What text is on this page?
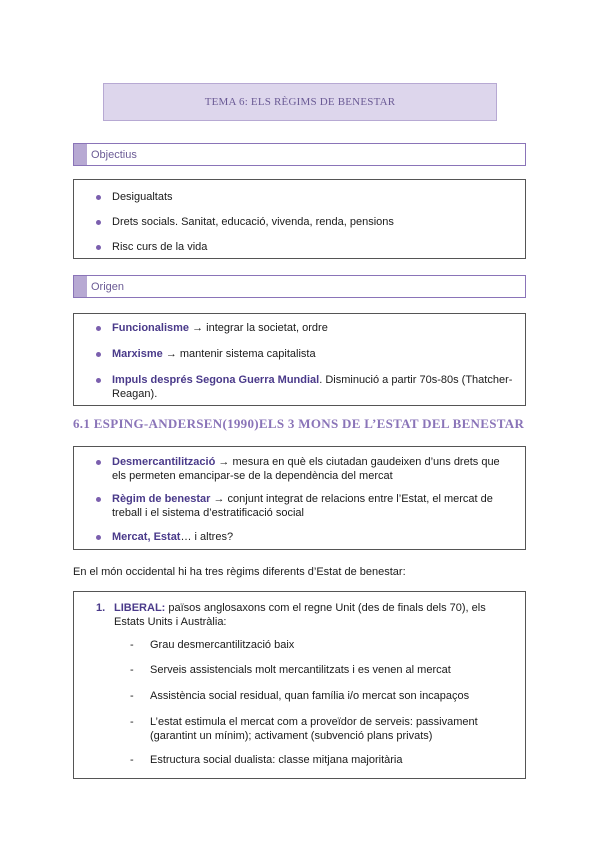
TEMA 6: ELS RÈGIMS DE BENESTAR
Objectius
Desigualtats
Drets socials. Sanitat, educació, vivenda, renda, pensions
Risc curs de la vida
Origen
Funcionalisme → integrar la societat, ordre
Marxisme → mantenir sistema capitalista
Impuls després Segona Guerra Mundial. Disminució a partir 70s-80s (Thatcher-Reagan).
6.1 ESPING-ANDERSEN(1990)ELS 3 MONS DE L’ESTAT DEL BENESTAR
Desmercantilització → mesura en què els ciutadan gaudeixen d’uns drets que els permeten emancipar-se de la dependència del mercat
Règim de benestar → conjunt integrat de relacions entre l’Estat, el mercat de treball i el sistema d’estratificació social
Mercat, Estat… i altres?
En el món occidental hi ha tres règims diferents d’Estat de benestar:
1. LIBERAL: països anglosaxons com el regne Unit (des de finals dels 70), els Estats Units i Austràlia:
- Grau desmercantilització baix
- Serveis assistencials molt mercantilitzats i es venen al mercat
- Assistència social residual, quan família i/o mercat son incapaços
- L’estat estimula el mercat com a proveïdor de serveis: passivament (garantint un mínim); activament (subvenció plans privats)
- Estructura social dualista: classe mitjana majoritària
